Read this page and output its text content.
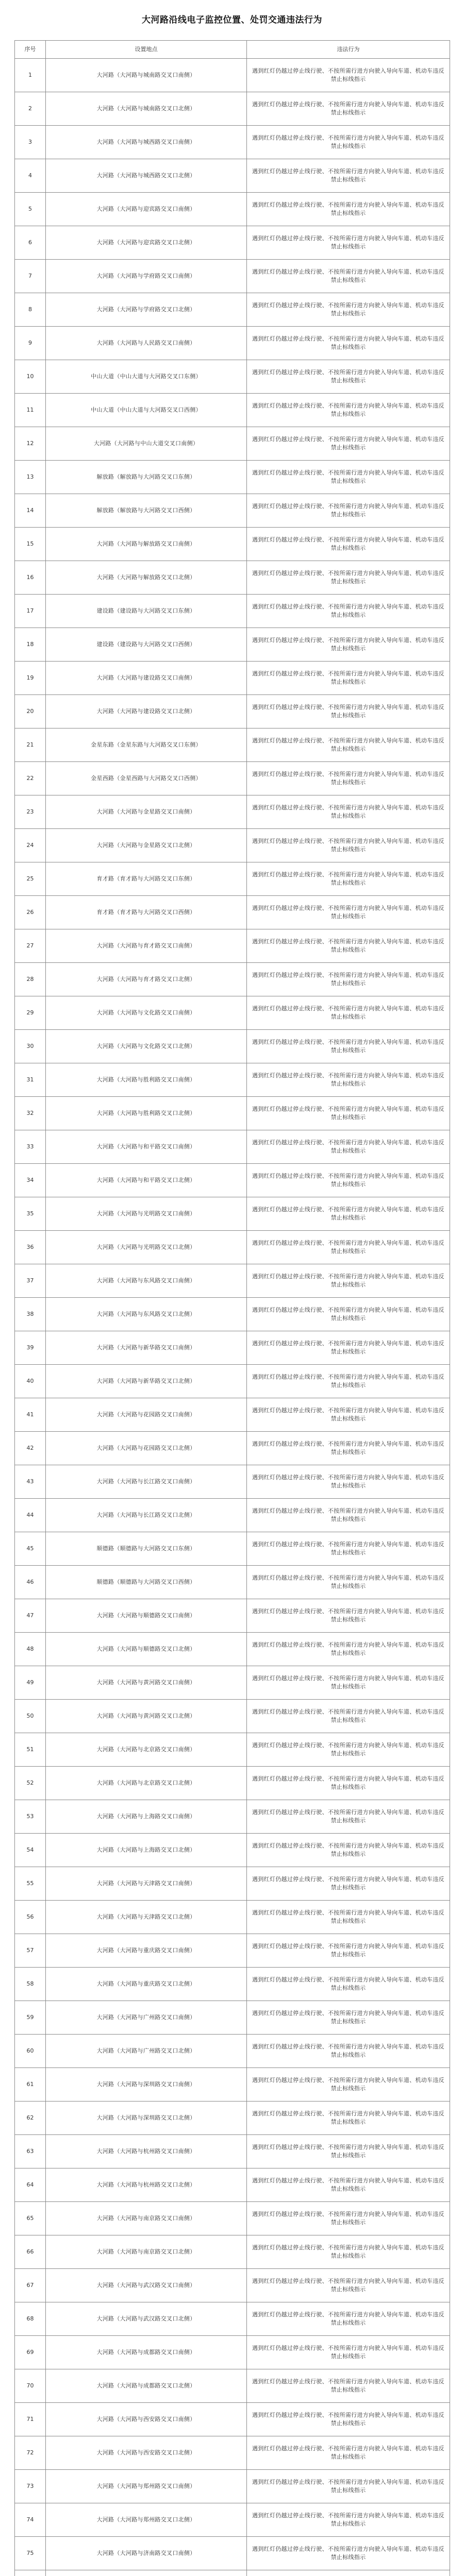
大河路沿线电子监控位置、处罚交通违法行为
序号	设置地点	违法行为
1	大河路（大河路与城南路交叉口南侧）	遇到红灯仍越过停止线行驶、不按所需行进方向驶入导向车道、机动车违反禁止标线指示
2	大河路（大河路与城南路交叉口北侧）	遇到红灯仍越过停止线行驶、不按所需行进方向驶入导向车道、机动车违反禁止标线指示
3	大河路（大河路与城西路交叉口南侧）	遇到红灯仍越过停止线行驶、不按所需行进方向驶入导向车道、机动车违反禁止标线指示
4	大河路（大河路与城西路交叉口北侧）	遇到红灯仍越过停止线行驶、不按所需行进方向驶入导向车道、机动车违反禁止标线指示
5	大河路（大河路与迎宾路交叉口南侧）	遇到红灯仍越过停止线行驶、不按所需行进方向驶入导向车道、机动车违反禁止标线指示
6	大河路（大河路与迎宾路交叉口北侧）	遇到红灯仍越过停止线行驶、不按所需行进方向驶入导向车道、机动车违反禁止标线指示
7	大河路（大河路与学府路交叉口南侧）	遇到红灯仍越过停止线行驶、不按所需行进方向驶入导向车道、机动车违反禁止标线指示
8	大河路（大河路与学府路交叉口北侧）	遇到红灯仍越过停止线行驶、不按所需行进方向驶入导向车道、机动车违反禁止标线指示
9	大河路（大河路与人民路交叉口南侧）	遇到红灯仍越过停止线行驶、不按所需行进方向驶入导向车道、机动车违反禁止标线指示
10	中山大道（中山大道与大河路交叉口东侧）	遇到红灯仍越过停止线行驶、不按所需行进方向驶入导向车道、机动车违反禁止标线指示
11	中山大道（中山大道与大河路交叉口西侧）	遇到红灯仍越过停止线行驶、不按所需行进方向驶入导向车道、机动车违反禁止标线指示
12	大河路（大河路与中山大道交叉口南侧）	遇到红灯仍越过停止线行驶、不按所需行进方向驶入导向车道、机动车违反禁止标线指示
13	解放路（解放路与大河路交叉口东侧）	遇到红灯仍越过停止线行驶、不按所需行进方向驶入导向车道、机动车违反禁止标线指示
14	解放路（解放路与大河路交叉口西侧）	遇到红灯仍越过停止线行驶、不按所需行进方向驶入导向车道、机动车违反禁止标线指示
15	大河路（大河路与解放路交叉口南侧）	遇到红灯仍越过停止线行驶、不按所需行进方向驶入导向车道、机动车违反禁止标线指示
16	大河路（大河路与解放路交叉口北侧）	遇到红灯仍越过停止线行驶、不按所需行进方向驶入导向车道、机动车违反禁止标线指示
17	建设路（建设路与大河路交叉口东侧）	遇到红灯仍越过停止线行驶、不按所需行进方向驶入导向车道、机动车违反禁止标线指示
18	建设路（建设路与大河路交叉口西侧）	遇到红灯仍越过停止线行驶、不按所需行进方向驶入导向车道、机动车违反禁止标线指示
19	大河路（大河路与建设路交叉口南侧）	遇到红灯仍越过停止线行驶、不按所需行进方向驶入导向车道、机动车违反禁止标线指示
20	大河路（大河路与建设路交叉口北侧）	遇到红灯仍越过停止线行驶、不按所需行进方向驶入导向车道、机动车违反禁止标线指示
21	金星东路（金星东路与大河路交叉口东侧）	遇到红灯仍越过停止线行驶、不按所需行进方向驶入导向车道、机动车违反禁止标线指示
22	金星西路（金星西路与大河路交叉口西侧）	遇到红灯仍越过停止线行驶、不按所需行进方向驶入导向车道、机动车违反禁止标线指示
23	大河路（大河路与金星路交叉口南侧）	遇到红灯仍越过停止线行驶、不按所需行进方向驶入导向车道、机动车违反禁止标线指示
24	大河路（大河路与金星路交叉口北侧）	遇到红灯仍越过停止线行驶、不按所需行进方向驶入导向车道、机动车违反禁止标线指示
25	育才路（育才路与大河路交叉口东侧）	遇到红灯仍越过停止线行驶、不按所需行进方向驶入导向车道、机动车违反禁止标线指示
26	育才路（育才路与大河路交叉口西侧）	遇到红灯仍越过停止线行驶、不按所需行进方向驶入导向车道、机动车违反禁止标线指示
27	大河路（大河路与育才路交叉口南侧）	遇到红灯仍越过停止线行驶、不按所需行进方向驶入导向车道、机动车违反禁止标线指示
28	大河路（大河路与育才路交叉口北侧）	遇到红灯仍越过停止线行驶、不按所需行进方向驶入导向车道、机动车违反禁止标线指示
29	大河路（大河路与文化路交叉口南侧）	遇到红灯仍越过停止线行驶、不按所需行进方向驶入导向车道、机动车违反禁止标线指示
30	大河路（大河路与文化路交叉口北侧）	遇到红灯仍越过停止线行驶、不按所需行进方向驶入导向车道、机动车违反禁止标线指示
31	大河路（大河路与胜利路交叉口南侧）	遇到红灯仍越过停止线行驶、不按所需行进方向驶入导向车道、机动车违反禁止标线指示
32	大河路（大河路与胜利路交叉口北侧）	遇到红灯仍越过停止线行驶、不按所需行进方向驶入导向车道、机动车违反禁止标线指示
33	大河路（大河路与和平路交叉口南侧）	遇到红灯仍越过停止线行驶、不按所需行进方向驶入导向车道、机动车违反禁止标线指示
34	大河路（大河路与和平路交叉口北侧）	遇到红灯仍越过停止线行驶、不按所需行进方向驶入导向车道、机动车违反禁止标线指示
35	大河路（大河路与光明路交叉口南侧）	遇到红灯仍越过停止线行驶、不按所需行进方向驶入导向车道、机动车违反禁止标线指示
36	大河路（大河路与光明路交叉口北侧）	遇到红灯仍越过停止线行驶、不按所需行进方向驶入导向车道、机动车违反禁止标线指示
37	大河路（大河路与东风路交叉口南侧）	遇到红灯仍越过停止线行驶、不按所需行进方向驶入导向车道、机动车违反禁止标线指示
38	大河路（大河路与东风路交叉口北侧）	遇到红灯仍越过停止线行驶、不按所需行进方向驶入导向车道、机动车违反禁止标线指示
39	大河路（大河路与新华路交叉口南侧）	遇到红灯仍越过停止线行驶、不按所需行进方向驶入导向车道、机动车违反禁止标线指示
40	大河路（大河路与新华路交叉口北侧）	遇到红灯仍越过停止线行驶、不按所需行进方向驶入导向车道、机动车违反禁止标线指示
41	大河路（大河路与花园路交叉口南侧）	遇到红灯仍越过停止线行驶、不按所需行进方向驶入导向车道、机动车违反禁止标线指示
42	大河路（大河路与花园路交叉口北侧）	遇到红灯仍越过停止线行驶、不按所需行进方向驶入导向车道、机动车违反禁止标线指示
43	大河路（大河路与长江路交叉口南侧）	遇到红灯仍越过停止线行驶、不按所需行进方向驶入导向车道、机动车违反禁止标线指示
44	大河路（大河路与长江路交叉口北侧）	遇到红灯仍越过停止线行驶、不按所需行进方向驶入导向车道、机动车违反禁止标线指示
45	顺德路（顺德路与大河路交叉口东侧）	遇到红灯仍越过停止线行驶、不按所需行进方向驶入导向车道、机动车违反禁止标线指示
46	顺德路（顺德路与大河路交叉口西侧）	遇到红灯仍越过停止线行驶、不按所需行进方向驶入导向车道、机动车违反禁止标线指示
47	大河路（大河路与顺德路交叉口南侧）	遇到红灯仍越过停止线行驶、不按所需行进方向驶入导向车道、机动车违反禁止标线指示
48	大河路（大河路与顺德路交叉口北侧）	遇到红灯仍越过停止线行驶、不按所需行进方向驶入导向车道、机动车违反禁止标线指示
49	大河路（大河路与黄河路交叉口南侧）	遇到红灯仍越过停止线行驶、不按所需行进方向驶入导向车道、机动车违反禁止标线指示
50	大河路（大河路与黄河路交叉口北侧）	遇到红灯仍越过停止线行驶、不按所需行进方向驶入导向车道、机动车违反禁止标线指示
51	大河路（大河路与北京路交叉口南侧）	遇到红灯仍越过停止线行驶、不按所需行进方向驶入导向车道、机动车违反禁止标线指示
52	大河路（大河路与北京路交叉口北侧）	遇到红灯仍越过停止线行驶、不按所需行进方向驶入导向车道、机动车违反禁止标线指示
53	大河路（大河路与上海路交叉口南侧）	遇到红灯仍越过停止线行驶、不按所需行进方向驶入导向车道、机动车违反禁止标线指示
54	大河路（大河路与上海路交叉口北侧）	遇到红灯仍越过停止线行驶、不按所需行进方向驶入导向车道、机动车违反禁止标线指示
55	大河路（大河路与天津路交叉口南侧）	遇到红灯仍越过停止线行驶、不按所需行进方向驶入导向车道、机动车违反禁止标线指示
56	大河路（大河路与天津路交叉口北侧）	遇到红灯仍越过停止线行驶、不按所需行进方向驶入导向车道、机动车违反禁止标线指示
57	大河路（大河路与重庆路交叉口南侧）	遇到红灯仍越过停止线行驶、不按所需行进方向驶入导向车道、机动车违反禁止标线指示
58	大河路（大河路与重庆路交叉口北侧）	遇到红灯仍越过停止线行驶、不按所需行进方向驶入导向车道、机动车违反禁止标线指示
59	大河路（大河路与广州路交叉口南侧）	遇到红灯仍越过停止线行驶、不按所需行进方向驶入导向车道、机动车违反禁止标线指示
60	大河路（大河路与广州路交叉口北侧）	遇到红灯仍越过停止线行驶、不按所需行进方向驶入导向车道、机动车违反禁止标线指示
61	大河路（大河路与深圳路交叉口南侧）	遇到红灯仍越过停止线行驶、不按所需行进方向驶入导向车道、机动车违反禁止标线指示
62	大河路（大河路与深圳路交叉口北侧）	遇到红灯仍越过停止线行驶、不按所需行进方向驶入导向车道、机动车违反禁止标线指示
63	大河路（大河路与杭州路交叉口南侧）	遇到红灯仍越过停止线行驶、不按所需行进方向驶入导向车道、机动车违反禁止标线指示
64	大河路（大河路与杭州路交叉口北侧）	遇到红灯仍越过停止线行驶、不按所需行进方向驶入导向车道、机动车违反禁止标线指示
65	大河路（大河路与南京路交叉口南侧）	遇到红灯仍越过停止线行驶、不按所需行进方向驶入导向车道、机动车违反禁止标线指示
66	大河路（大河路与南京路交叉口北侧）	遇到红灯仍越过停止线行驶、不按所需行进方向驶入导向车道、机动车违反禁止标线指示
67	大河路（大河路与武汉路交叉口南侧）	遇到红灯仍越过停止线行驶、不按所需行进方向驶入导向车道、机动车违反禁止标线指示
68	大河路（大河路与武汉路交叉口北侧）	遇到红灯仍越过停止线行驶、不按所需行进方向驶入导向车道、机动车违反禁止标线指示
69	大河路（大河路与成都路交叉口南侧）	遇到红灯仍越过停止线行驶、不按所需行进方向驶入导向车道、机动车违反禁止标线指示
70	大河路（大河路与成都路交叉口北侧）	遇到红灯仍越过停止线行驶、不按所需行进方向驶入导向车道、机动车违反禁止标线指示
71	大河路（大河路与西安路交叉口南侧）	遇到红灯仍越过停止线行驶、不按所需行进方向驶入导向车道、机动车违反禁止标线指示
72	大河路（大河路与西安路交叉口北侧）	遇到红灯仍越过停止线行驶、不按所需行进方向驶入导向车道、机动车违反禁止标线指示
73	大河路（大河路与郑州路交叉口南侧）	遇到红灯仍越过停止线行驶、不按所需行进方向驶入导向车道、机动车违反禁止标线指示
74	大河路（大河路与郑州路交叉口北侧）	遇到红灯仍越过停止线行驶、不按所需行进方向驶入导向车道、机动车违反禁止标线指示
75	大河路（大河路与济南路交叉口南侧）	遇到红灯仍越过停止线行驶、不按所需行进方向驶入导向车道、机动车违反禁止标线指示
